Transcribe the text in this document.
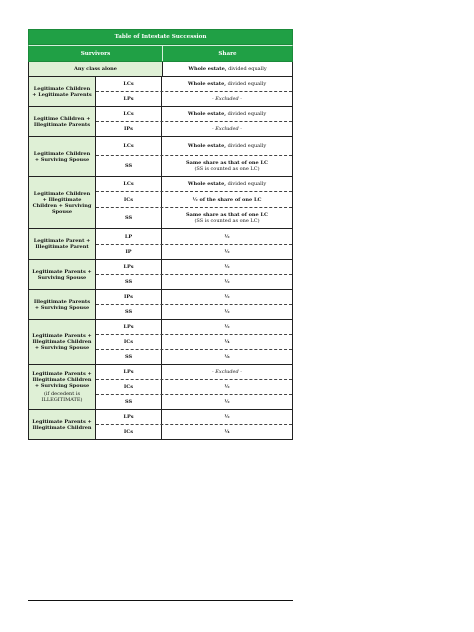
Table of Intestate Succession
Survivors	Share
Any class alone	Whole estate, divided equally
Legitimate Children + Legitimate Parents
LCs	Whole estate, divided equally
LPs	- Excluded -
Legitime Children + Illegitimate Parents
LCs	Whole estate, divided equally
IPs	- Excluded -
Legitimate Children + Surviving Spouse
LCs	Whole estate, divided equally
SS	Same share as that of one LC
(SS is counted as one LC)
Legitimate Children + Illegitimate Children + Surviving Spouse
LCs	Whole estate, divided equally
ICs	½ of the share of one LC
SS	Same share as that of one LC
(SS is counted as one LC)
Legitimate Parent + Illegitimate Parent
LP	½
IP	½
Legitimate Parents + Surviving Spouse
LPs	½
SS	½
Illegitimate Parents + Surviving Spouse
IPs	½
SS	½
Legitimate Parents + Illegitimate Children + Surviving Spouse
LPs	½
ICs	¼
SS	⅛
Legitimate Parents + Illegitimate Children + Surviving Spouse
(if decedent is ILLEGITIMATE)
LPs	- Excluded -
ICs	½
SS	½
Legitimate Parents + Illegitimate Children
LPs	½
ICs	¼
